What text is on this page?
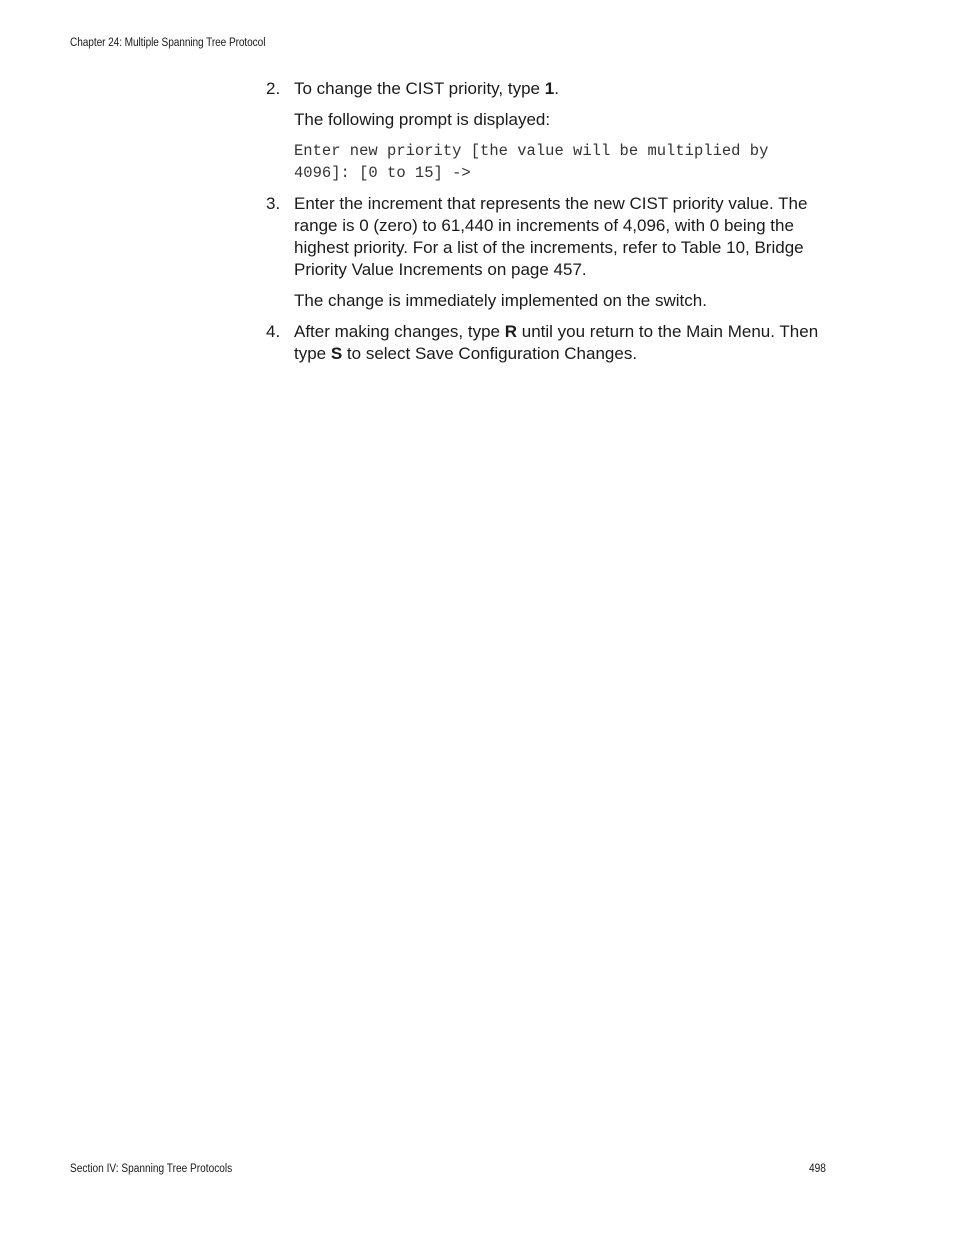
Chapter 24: Multiple Spanning Tree Protocol
2. To change the CIST priority, type 1.
The following prompt is displayed:
Enter new priority [the value will be multiplied by
4096]: [0 to 15] ->
3. Enter the increment that represents the new CIST priority value. The range is 0 (zero) to 61,440 in increments of 4,096, with 0 being the highest priority. For a list of the increments, refer to Table 10, Bridge Priority Value Increments on page 457.
The change is immediately implemented on the switch.
4. After making changes, type R until you return to the Main Menu. Then type S to select Save Configuration Changes.
Section IV: Spanning Tree Protocols	498
